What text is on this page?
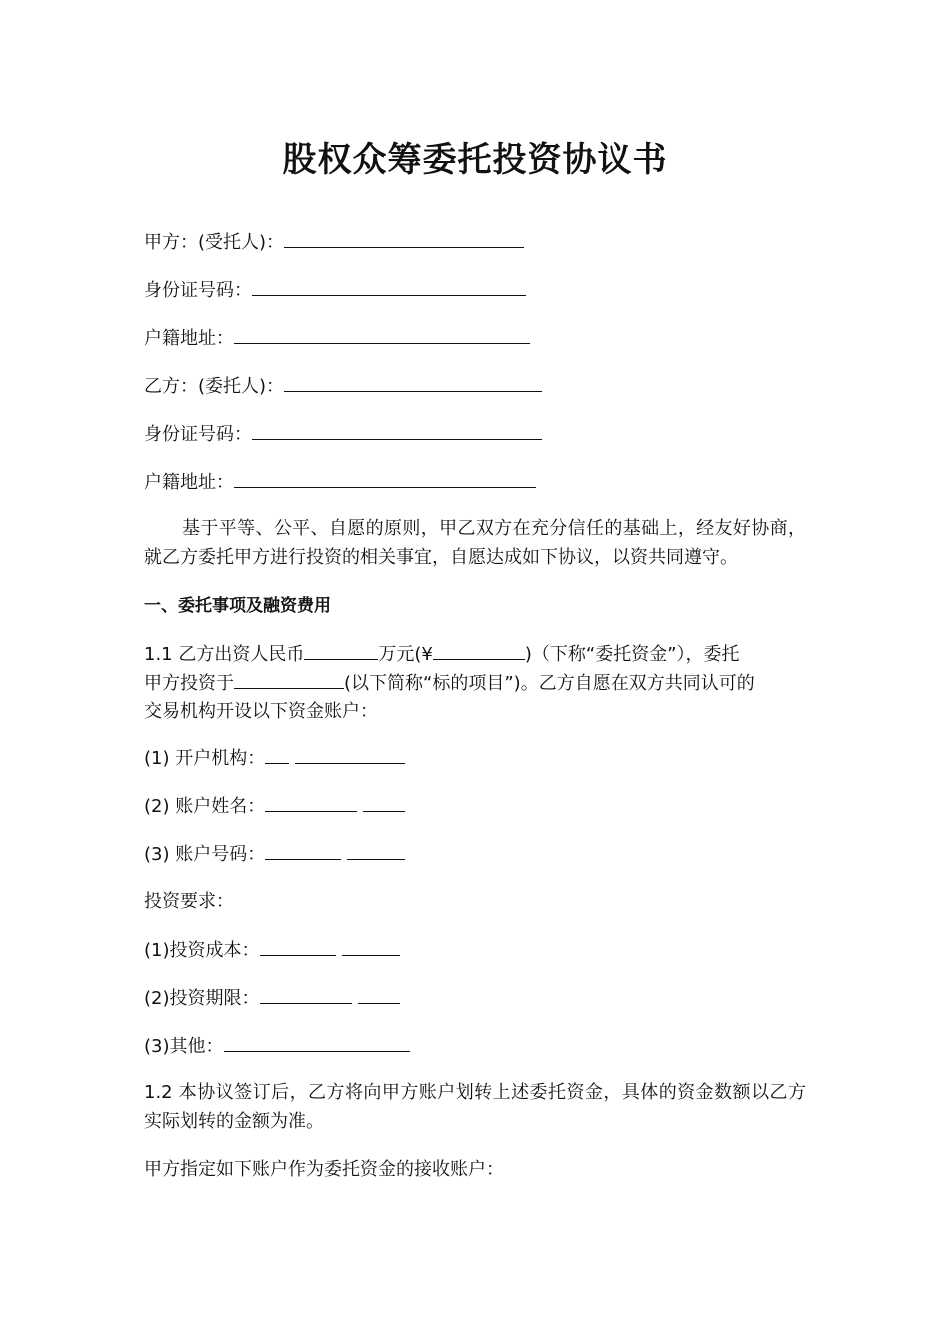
股权众筹委托投资协议书
甲方：(受托人)：
身份证号码：
户籍地址：
乙方：(委托人)：
身份证号码：
户籍地址：
基于平等、公平、自愿的原则，甲乙双方在充分信任的基础上，经友好协商，就乙方委托甲方进行投资的相关事宜，自愿达成如下协议，以资共同遵守。
一、委托事项及融资费用
1.1 乙方出资人民币	万元(¥	)（下称“委托资金”），委托
甲方投资于	(以下简称“标的项目”)。乙方自愿在双方共同认可的
交易机构开设以下资金账户：
(1) 开户机构：
(2) 账户姓名：
(3) 账户号码：
投资要求：
(1)投资成本：
(2)投资期限：
(3)其他：
1.2 本协议签订后，乙方将向甲方账户划转上述委托资金，具体的资金数额以乙方实际划转的金额为准。
甲方指定如下账户作为委托资金的接收账户：
